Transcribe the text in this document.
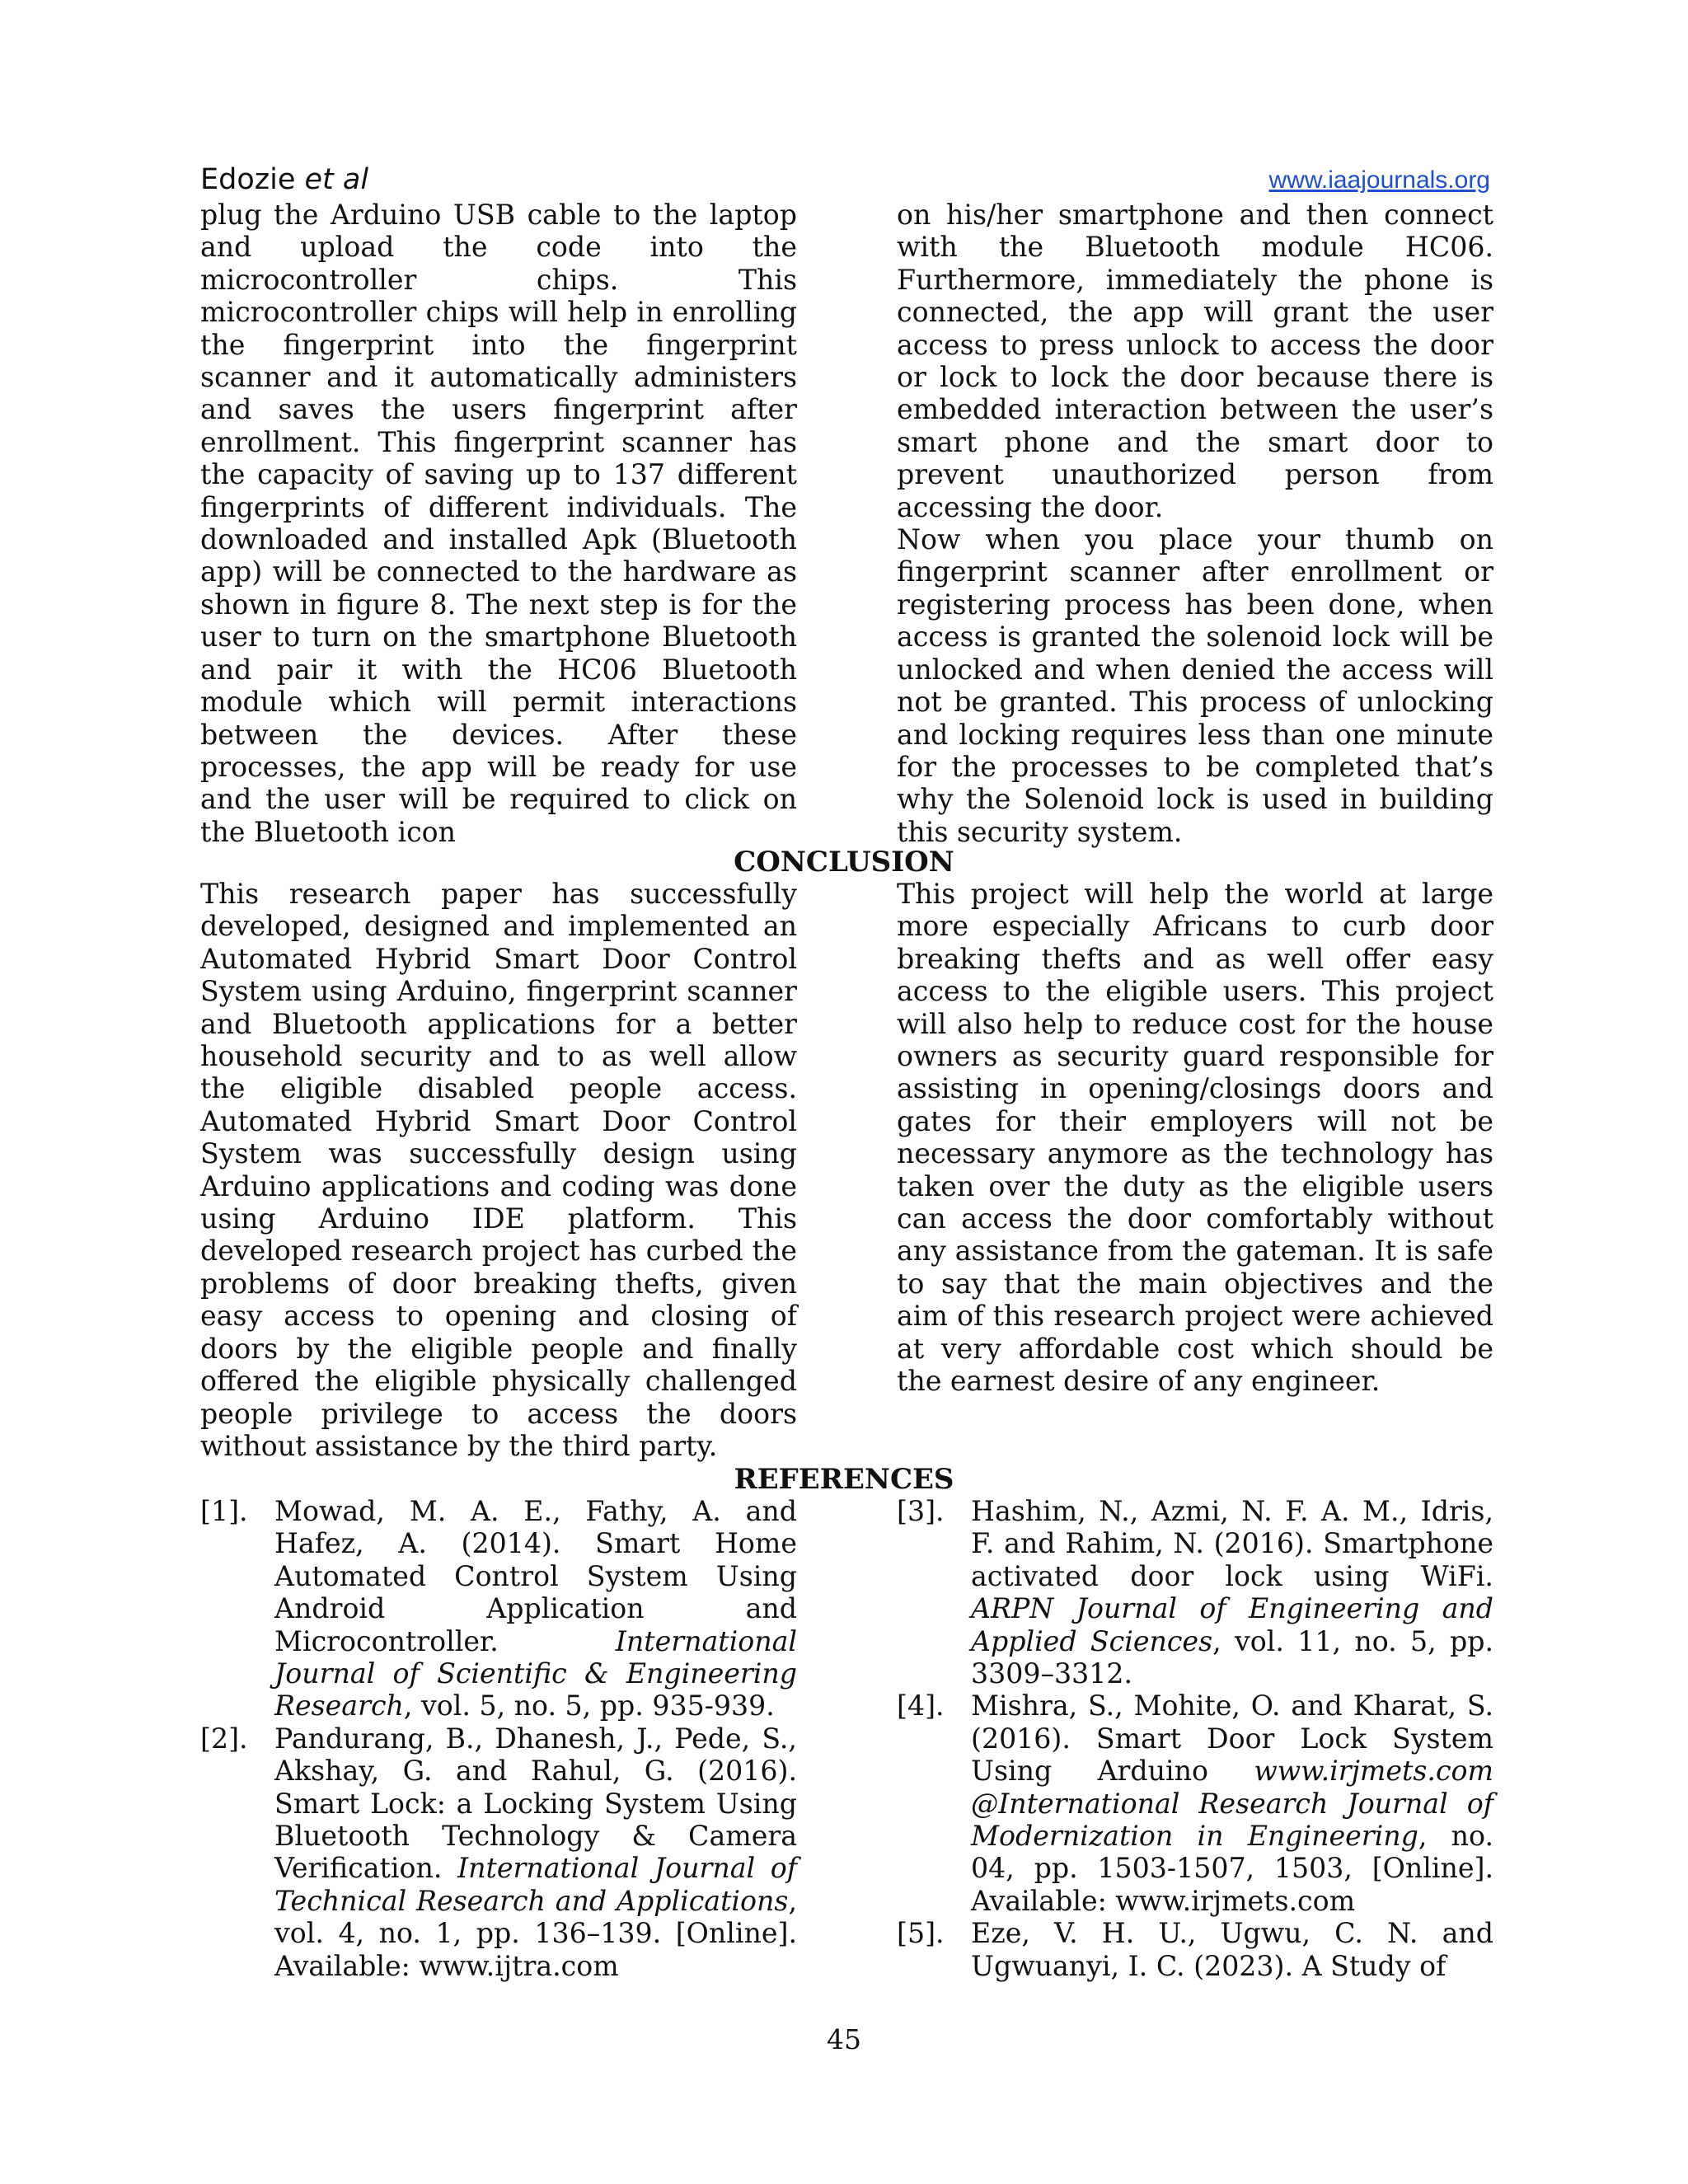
Edozie et al	www.iaajournals.org

plug the Arduino USB cable to the laptop and upload the code into the microcontroller chips. This microcontroller chips will help in enrolling the fingerprint into the fingerprint scanner and it automatically administers and saves the users fingerprint after enrollment. This fingerprint scanner has the capacity of saving up to 137 different fingerprints of different individuals. The downloaded and installed Apk (Bluetooth app) will be connected to the hardware as shown in figure 8. The next step is for the user to turn on the smartphone Bluetooth and pair it with the HC06 Bluetooth module which will permit interactions between the devices. After these processes, the app will be ready for use and the user will be required to click on the Bluetooth icon

on his/her smartphone and then connect with the Bluetooth module HC06. Furthermore, immediately the phone is connected, the app will grant the user access to press unlock to access the door or lock to lock the door because there is embedded interaction between the user’s smart phone and the smart door to prevent unauthorized person from accessing the door.

Now when you place your thumb on fingerprint scanner after enrollment or registering process has been done, when access is granted the solenoid lock will be unlocked and when denied the access will not be granted. This process of unlocking and locking requires less than one minute for the processes to be completed that’s why the Solenoid lock is used in building this security system.

CONCLUSION

This research paper has successfully developed, designed and implemented an Automated Hybrid Smart Door Control System using Arduino, fingerprint scanner and Bluetooth applications for a better household security and to as well allow the eligible disabled people access. Automated Hybrid Smart Door Control System was successfully design using Arduino applications and coding was done using Arduino IDE platform. This developed research project has curbed the problems of door breaking thefts, given easy access to opening and closing of doors by the eligible people and finally offered the eligible physically challenged people privilege to access the doors without assistance by the third party.

This project will help the world at large more especially Africans to curb door breaking thefts and as well offer easy access to the eligible users. This project will also help to reduce cost for the house owners as security guard responsible for assisting in opening/closings doors and gates for their employers will not be necessary anymore as the technology has taken over the duty as the eligible users can access the door comfortably without any assistance from the gateman. It is safe to say that the main objectives and the aim of this research project were achieved at very affordable cost which should be the earnest desire of any engineer.

REFERENCES
[1]. Mowad, M. A. E., Fathy, A. and Hafez, A. (2014). Smart Home Automated Control System Using Android Application and Microcontroller. International Journal of Scientific & Engineering Research, vol. 5, no. 5, pp. 935-939.
[2]. Pandurang, B., Dhanesh, J., Pede, S., Akshay, G. and Rahul, G. (2016). Smart Lock: a Locking System Using Bluetooth Technology & Camera Verification. International Journal of Technical Research and Applications, vol. 4, no. 1, pp. 136–139. [Online]. Available: www.ijtra.com
[3]. Hashim, N., Azmi, N. F. A. M., Idris, F. and Rahim, N. (2016). Smartphone activated door lock using WiFi. ARPN Journal of Engineering and Applied Sciences, vol. 11, no. 5, pp. 3309–3312.
[4]. Mishra, S., Mohite, O. and Kharat, S. (2016). Smart Door Lock System Using Arduino www.irjmets.com @International Research Journal of Modernization in Engineering, no. 04, pp. 1503-1507, 1503, [Online]. Available: www.irjmets.com
[5]. Eze, V. H. U., Ugwu, C. N. and Ugwuanyi, I. C. (2023). A Study of
45
